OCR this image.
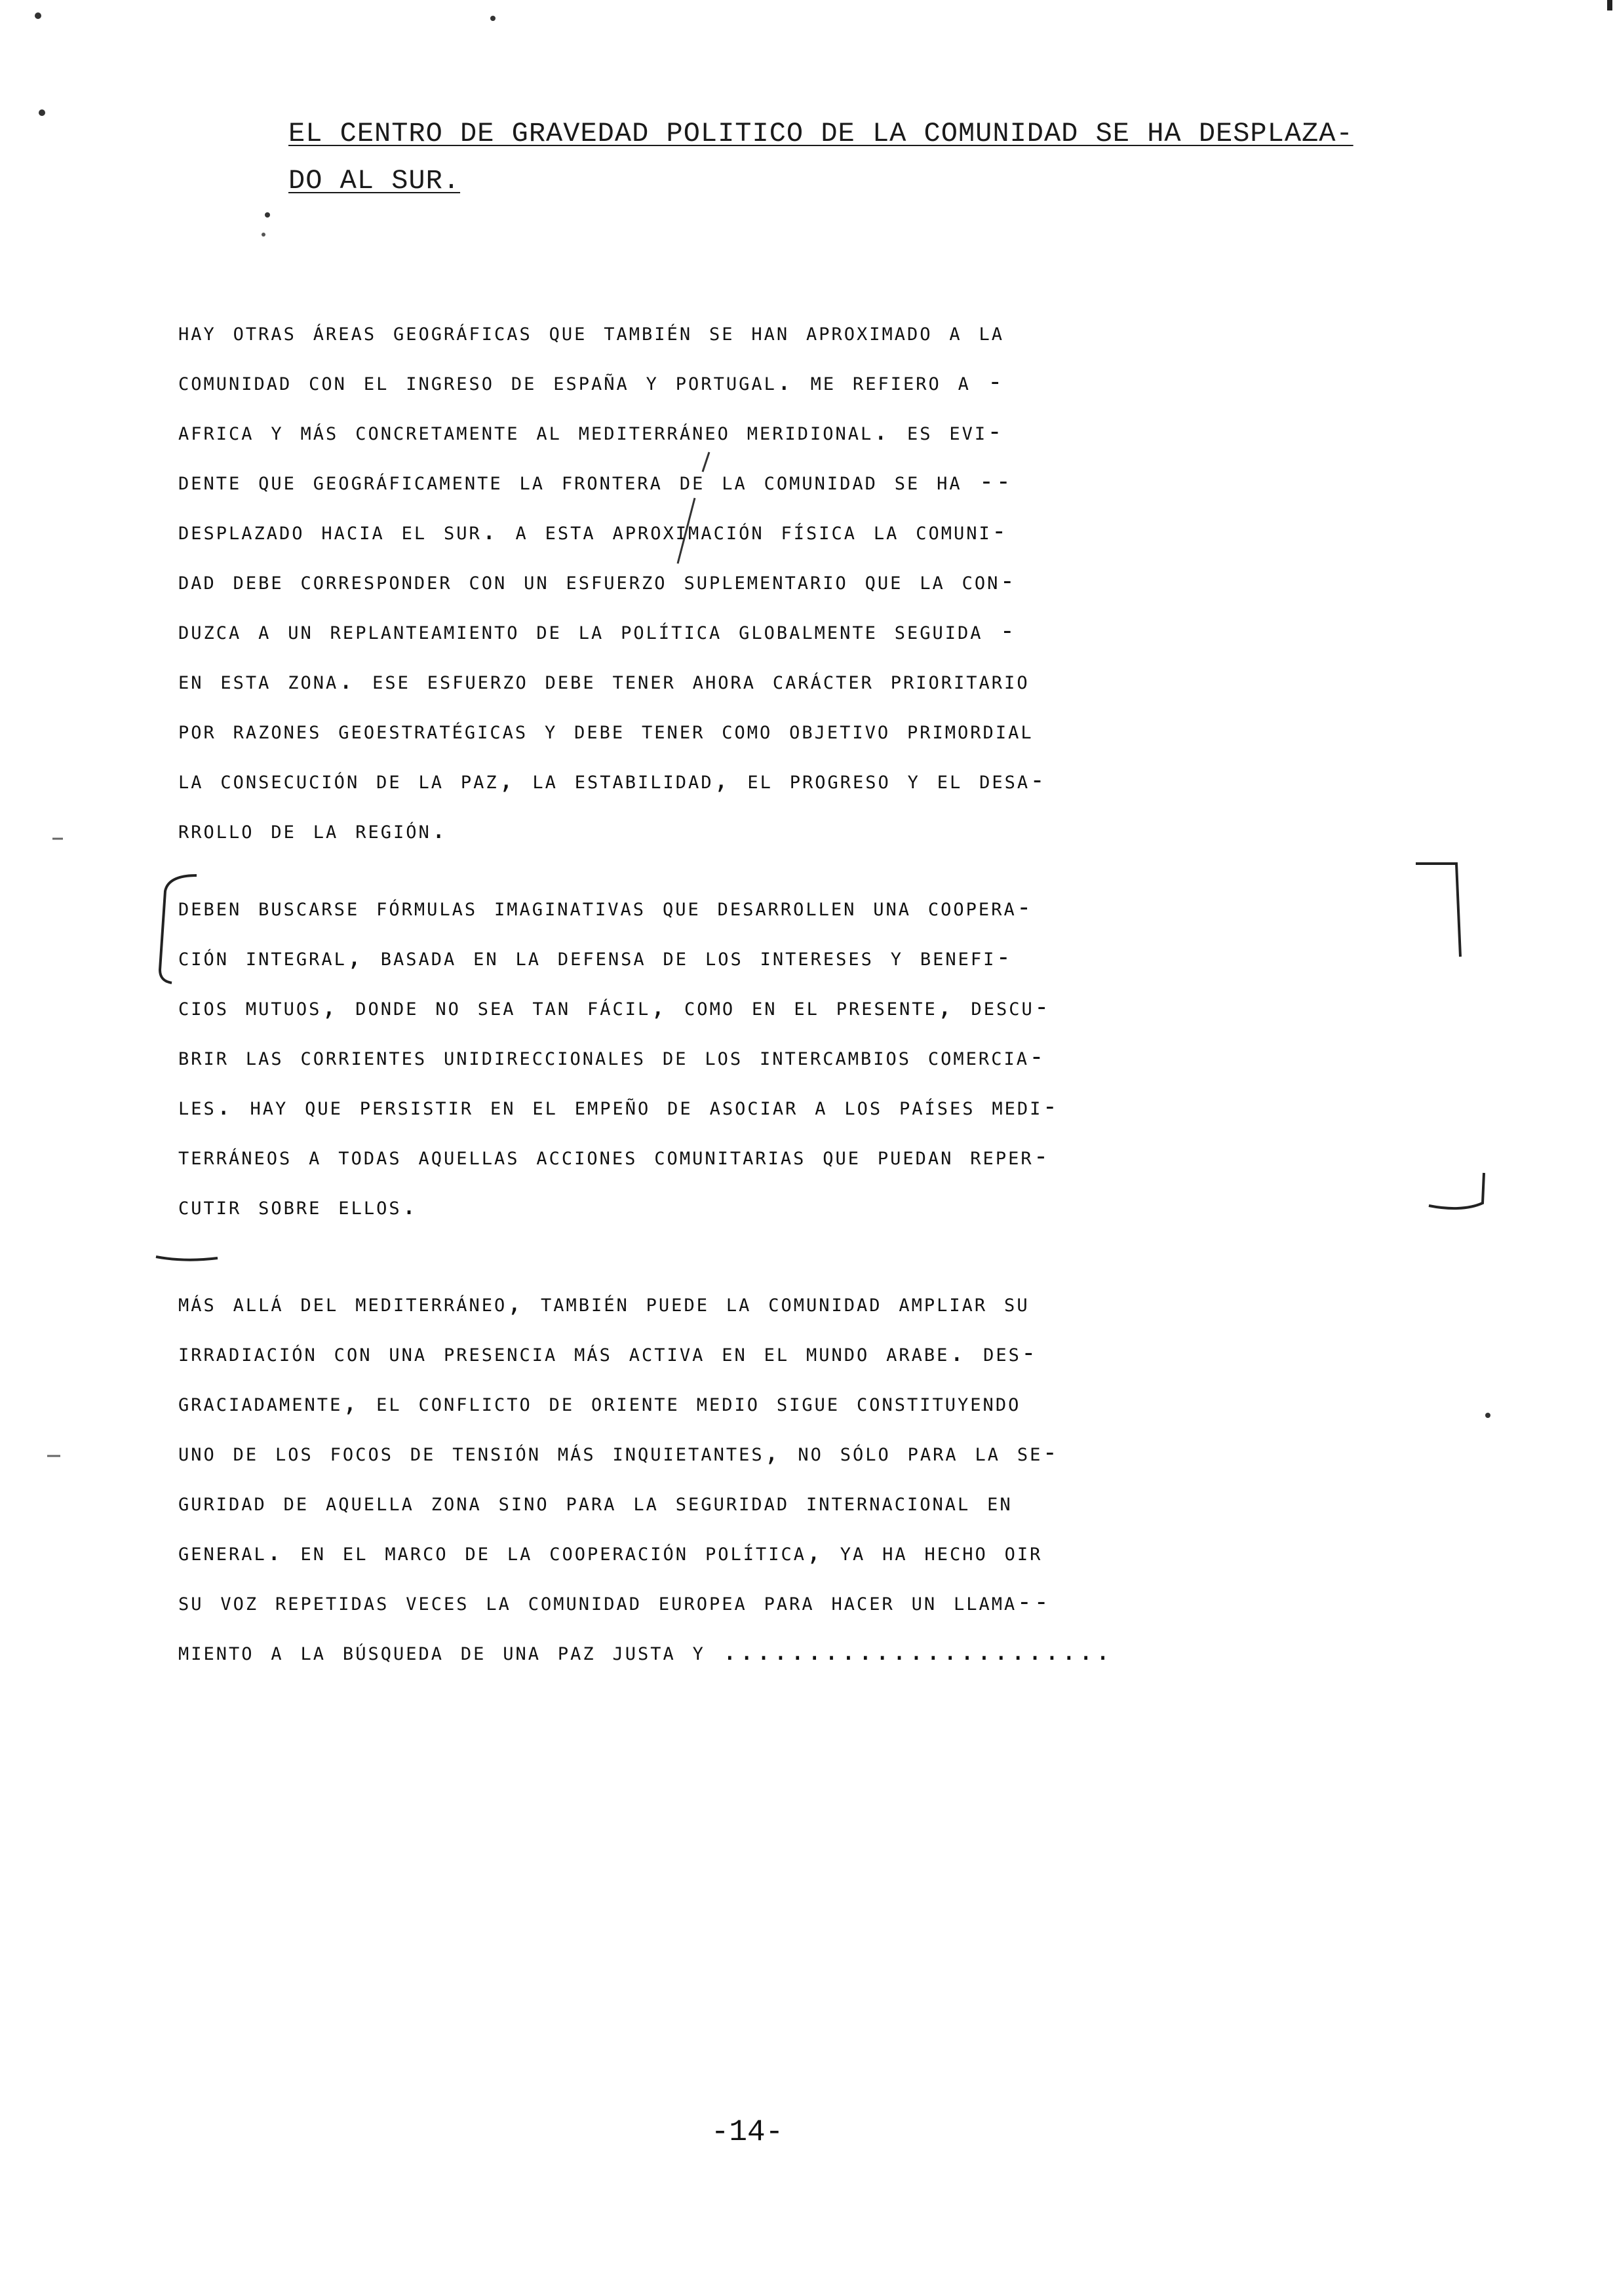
EL CENTRO DE GRAVEDAD POLITICO DE LA COMUNIDAD SE HA DESPLAZA-
DO AL SUR.
hay otras áreas geográficas que también se han aproximado a la
comunidad con el ingreso de españa y portugal. me refiero a -
africa y más concretamente al mediterráneo meridional. es evi-
dente que geográficamente la frontera de la comunidad se ha --
desplazado hacia el sur. a esta aproximación física la comuni-
dad debe corresponder con un esfuerzo suplementario que la con-
duzca a un replanteamiento de la política globalmente seguida -
en esta zona. ese esfuerzo debe tener ahora carácter prioritario
por razones geoestratégicas y debe tener como objetivo primordial
la consecución de la paz, la estabilidad, el progreso y el desa-
rrollo de la región.
deben buscarse fórmulas imaginativas que desarrollen una coopera-
ción integral, basada en la defensa de los intereses y benefi-
cios mutuos, donde no sea tan fácil, como en el presente, descu-
brir las corrientes unidireccionales de los intercambios comercia-
les. hay que persistir en el empeño de asociar a los países medi-
terráneos a todas aquellas acciones comunitarias que puedan reper-
cutir sobre ellos.
más allá del mediterráneo, también puede la comunidad ampliar su
irradiación con una presencia más activa en el mundo arabe. des-
graciadamente, el conflicto de oriente medio sigue constituyendo
uno de los focos de tensión más inquietantes, no sólo para la se-
guridad de aquella zona sino para la seguridad internacional en
general. en el marco de la cooperación política, ya ha hecho oir
su voz repetidas veces la comunidad europea para hacer un llama--
miento a la búsqueda de una paz justa y .......................
-14-
